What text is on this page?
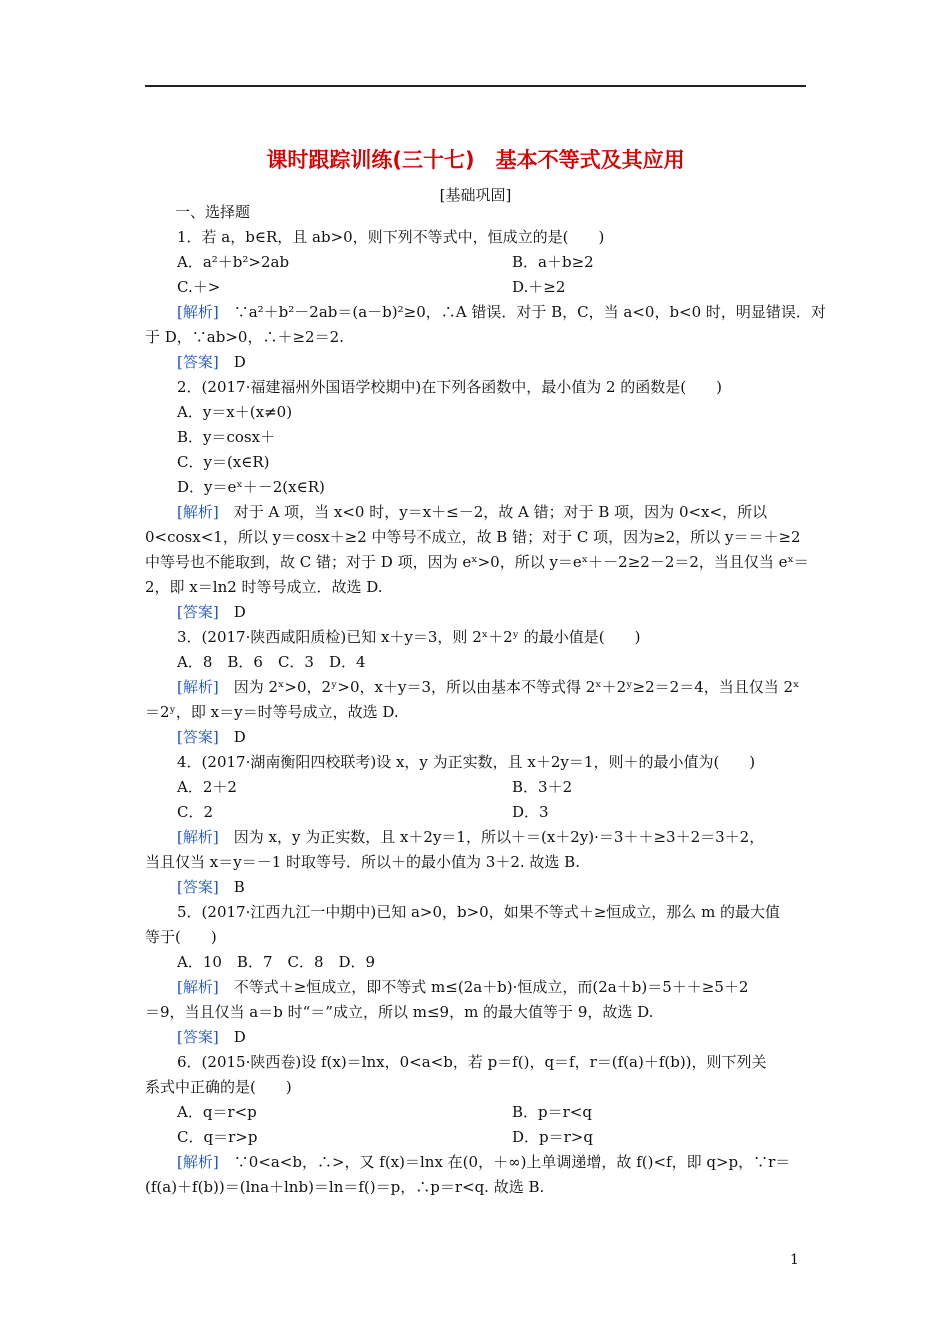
课时跟踪训练(三十七)　基本不等式及其应用
[基础巩固]
一、选择题
1．若 a，b∈R，且 ab>0，则下列不等式中，恒成立的是(　　)
A．a²＋b²>2ab	B．a＋b≥2
C.＋>	D.＋≥2
[解析]　∵a²＋b²－2ab＝(a－b)²≥0，∴A 错误．对于 B，C，当 a<0，b<0 时，明显错误．对
于 D，∵ab>0，∴＋≥2＝2.
[答案]　D
2．(2017·福建福州外国语学校期中)在下列各函数中，最小值为 2 的函数是(　　)
A．y＝x＋(x≠0)
B．y＝cosx＋
C．y＝(x∈R)
D．y＝eˣ＋－2(x∈R)
[解析]　对于 A 项，当 x<0 时，y＝x＋≤－2，故 A 错；对于 B 项，因为 0<x<，所以
0<cosx<1，所以 y＝cosx＋≥2 中等号不成立，故 B 错；对于 C 项，因为≥2，所以 y＝＝＋≥2
中等号也不能取到，故 C 错；对于 D 项，因为 eˣ>0，所以 y＝eˣ＋－2≥2－2＝2，当且仅当 eˣ＝
2，即 x＝ln2 时等号成立．故选 D.
[答案]　D
3．(2017·陕西咸阳质检)已知 x＋y＝3，则 2ˣ＋2ʸ 的最小值是(　　)
A．8　B．6　C．3　D．4
[解析]　因为 2ˣ>0，2ʸ>0，x＋y＝3，所以由基本不等式得 2ˣ＋2ʸ≥2＝2＝4，当且仅当 2ˣ
＝2ʸ，即 x＝y＝时等号成立，故选 D.
[答案]　D
4．(2017·湖南衡阳四校联考)设 x，y 为正实数，且 x＋2y＝1，则＋的最小值为(　　)
A．2＋2	B．3＋2
C．2	D．3
[解析]　因为 x，y 为正实数，且 x＋2y＝1，所以＋＝(x＋2y)·＝3＋＋≥3＋2＝3＋2，
当且仅当 x＝y＝－1 时取等号．所以＋的最小值为 3＋2. 故选 B.
[答案]　B
5．(2017·江西九江一中期中)已知 a>0，b>0，如果不等式＋≥恒成立，那么 m 的最大值
等于(　　)
A．10　B．7　C．8　D．9
[解析]　不等式＋≥恒成立，即不等式 m≤(2a＋b)·恒成立，而(2a＋b)＝5＋＋≥5＋2
＝9，当且仅当 a＝b 时“＝”成立，所以 m≤9，m 的最大值等于 9，故选 D.
[答案]　D
6．(2015·陕西卷)设 f(x)＝lnx，0<a<b，若 p＝f()，q＝f，r＝(f(a)＋f(b))，则下列关
系式中正确的是(　　)
A．q＝r<p	B．p＝r<q
C．q＝r>p	D．p＝r>q
[解析]　∵0<a<b，∴>，又 f(x)＝lnx 在(0，＋∞)上单调递增，故 f()<f，即 q>p，∵r＝
(f(a)＋f(b))＝(lna＋lnb)＝ln＝f()＝p，∴p＝r<q. 故选 B.
1
